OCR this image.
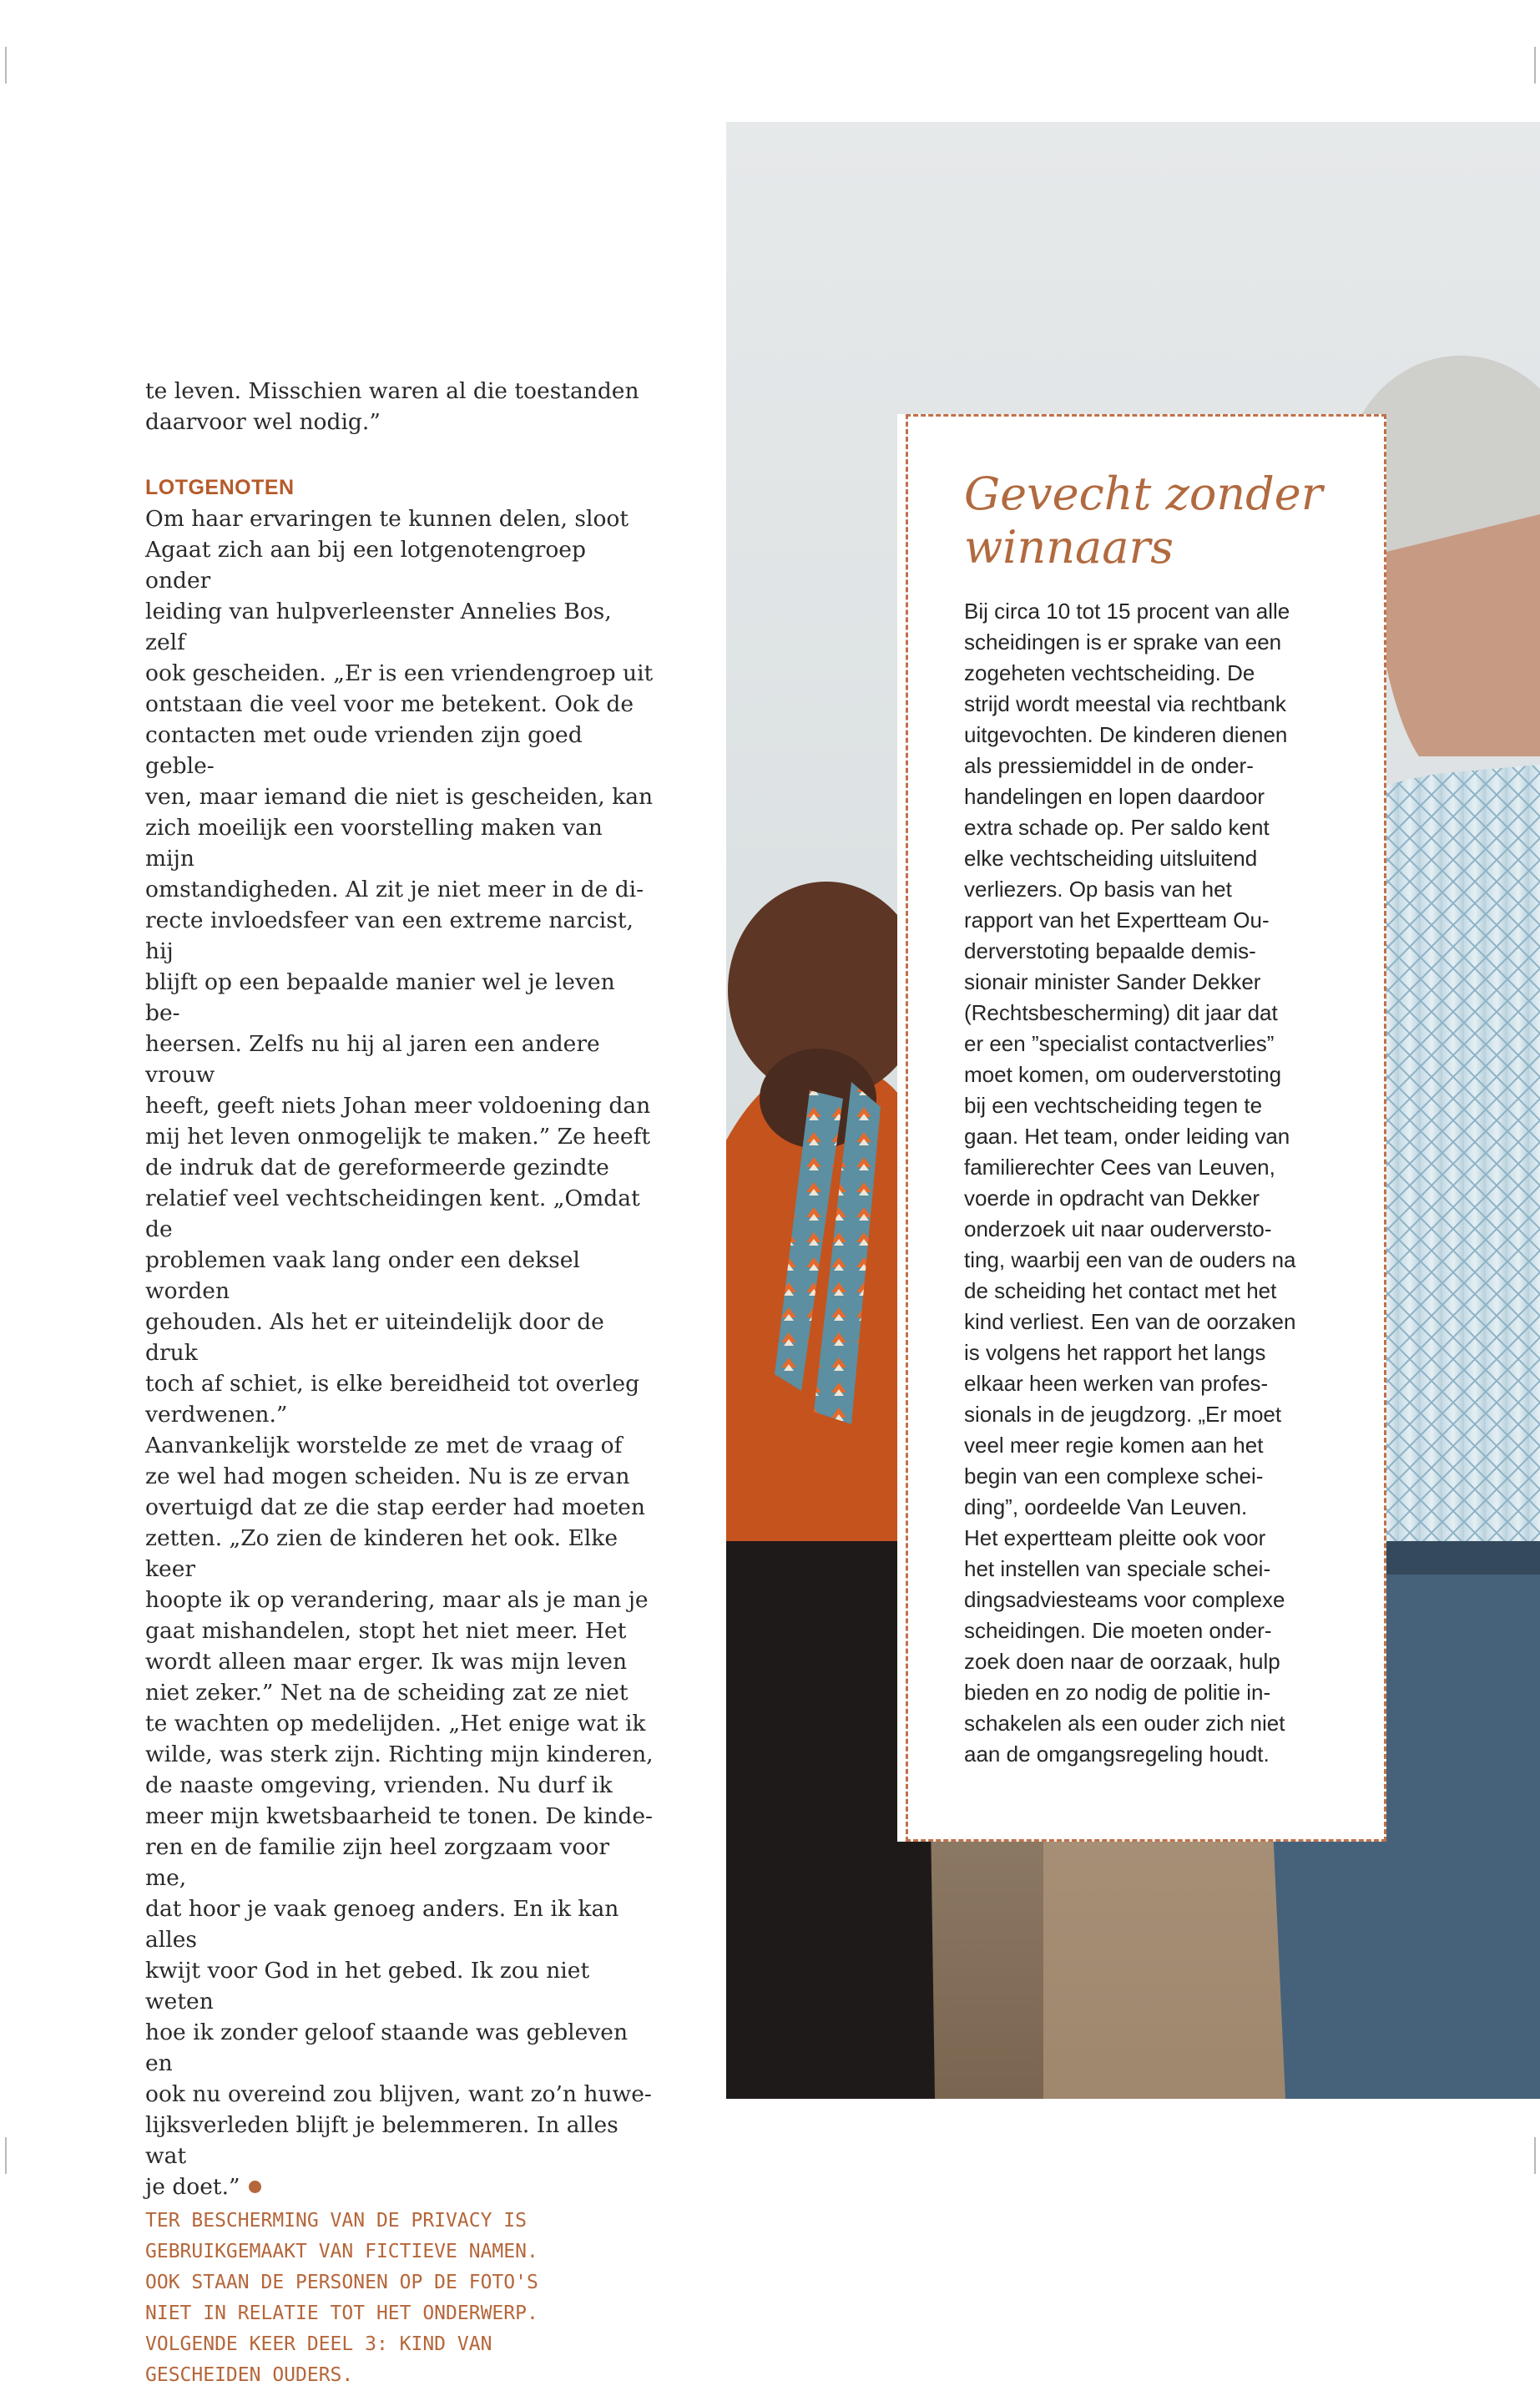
te leven. Misschien waren al die toestanden
daarvoor wel nodig.”

LOTGENOTEN

Om haar ervaringen te kunnen delen, sloot
Agaat zich aan bij een lotgenotengroep onder
leiding van hulpverleenster Annelies Bos, zelf
ook gescheiden. „Er is een vriendengroep uit
ontstaan die veel voor me betekent. Ook de
contacten met oude vrienden zijn goed geble-
ven, maar iemand die niet is gescheiden, kan
zich moeilijk een voorstelling maken van mijn
omstandigheden. Al zit je niet meer in de di-
recte invloedsfeer van een extreme narcist, hij
blijft op een bepaalde manier wel je leven be-
heersen. Zelfs nu hij al jaren een andere vrouw
heeft, geeft niets Johan meer voldoening dan
mij het leven onmogelijk te maken.” Ze heeft
de indruk dat de gereformeerde gezindte
relatief veel vechtscheidingen kent. „Omdat de
problemen vaak lang onder een deksel worden
gehouden. Als het er uiteindelijk door de druk
toch af schiet, is elke bereidheid tot overleg
verdwenen.”

Aanvankelijk worstelde ze met de vraag of
ze wel had mogen scheiden. Nu is ze ervan
overtuigd dat ze die stap eerder had moeten
zetten. „Zo zien de kinderen het ook. Elke keer
hoopte ik op verandering, maar als je man je
gaat mishandelen, stopt het niet meer. Het
wordt alleen maar erger. Ik was mijn leven
niet zeker.” Net na de scheiding zat ze niet
te wachten op medelijden. „Het enige wat ik
wilde, was sterk zijn. Richting mijn kinderen,
de naaste omgeving, vrienden. Nu durf ik
meer mijn kwetsbaarheid te tonen. De kinde-
ren en de familie zijn heel zorgzaam voor me,
dat hoor je vaak genoeg anders. En ik kan alles
kwijt voor God in het gebed. Ik zou niet weten
hoe ik zonder geloof staande was gebleven en
ook nu overeind zou blijven, want zo’n huwe-
lijksverleden blijft je belemmeren. In alles wat
je doet.”

TER BESCHERMING VAN DE PRIVACY IS
GEBRUIKGEMAAKT VAN FICTIEVE NAMEN.
OOK STAAN DE PERSONEN OP DE FOTO'S
NIET IN RELATIE TOT HET ONDERWERP.
VOLGENDE KEER DEEL 3: KIND VAN
GESCHEIDEN OUDERS.
Gevecht zonder winnaars
Bij circa 10 tot 15 procent van alle
scheidingen is er sprake van een
zogeheten vechtscheiding. De
strijd wordt meestal via rechtbank
uitgevochten. De kinderen dienen
als pressiemiddel in de onder-
handelingen en lopen daardoor
extra schade op. Per saldo kent
elke vechtscheiding uitsluitend
verliezers. Op basis van het
rapport van het Expertteam Ou-
derverstoting bepaalde demis-
sionair minister Sander Dekker
(Rechtsbescherming) dit jaar dat
er een ”specialist contactverlies”
moet komen, om ouderverstoting
bij een vechtscheiding tegen te
gaan. Het team, onder leiding van
familierechter Cees van Leuven,
voerde in opdracht van Dekker
onderzoek uit naar ouderversto-
ting, waarbij een van de ouders na
de scheiding het contact met het
kind verliest. Een van de oorzaken
is volgens het rapport het langs
elkaar heen werken van profes-
sionals in de jeugdzorg. „Er moet
veel meer regie komen aan het
begin van een complexe schei-
ding”, oordeelde Van Leuven.
Het expertteam pleitte ook voor
het instellen van speciale schei-
dingsadviesteams voor complexe
scheidingen. Die moeten onder-
zoek doen naar de oorzaak, hulp
bieden en zo nodig de politie in-
schakelen als een ouder zich niet
aan de omgangsregeling houdt.
